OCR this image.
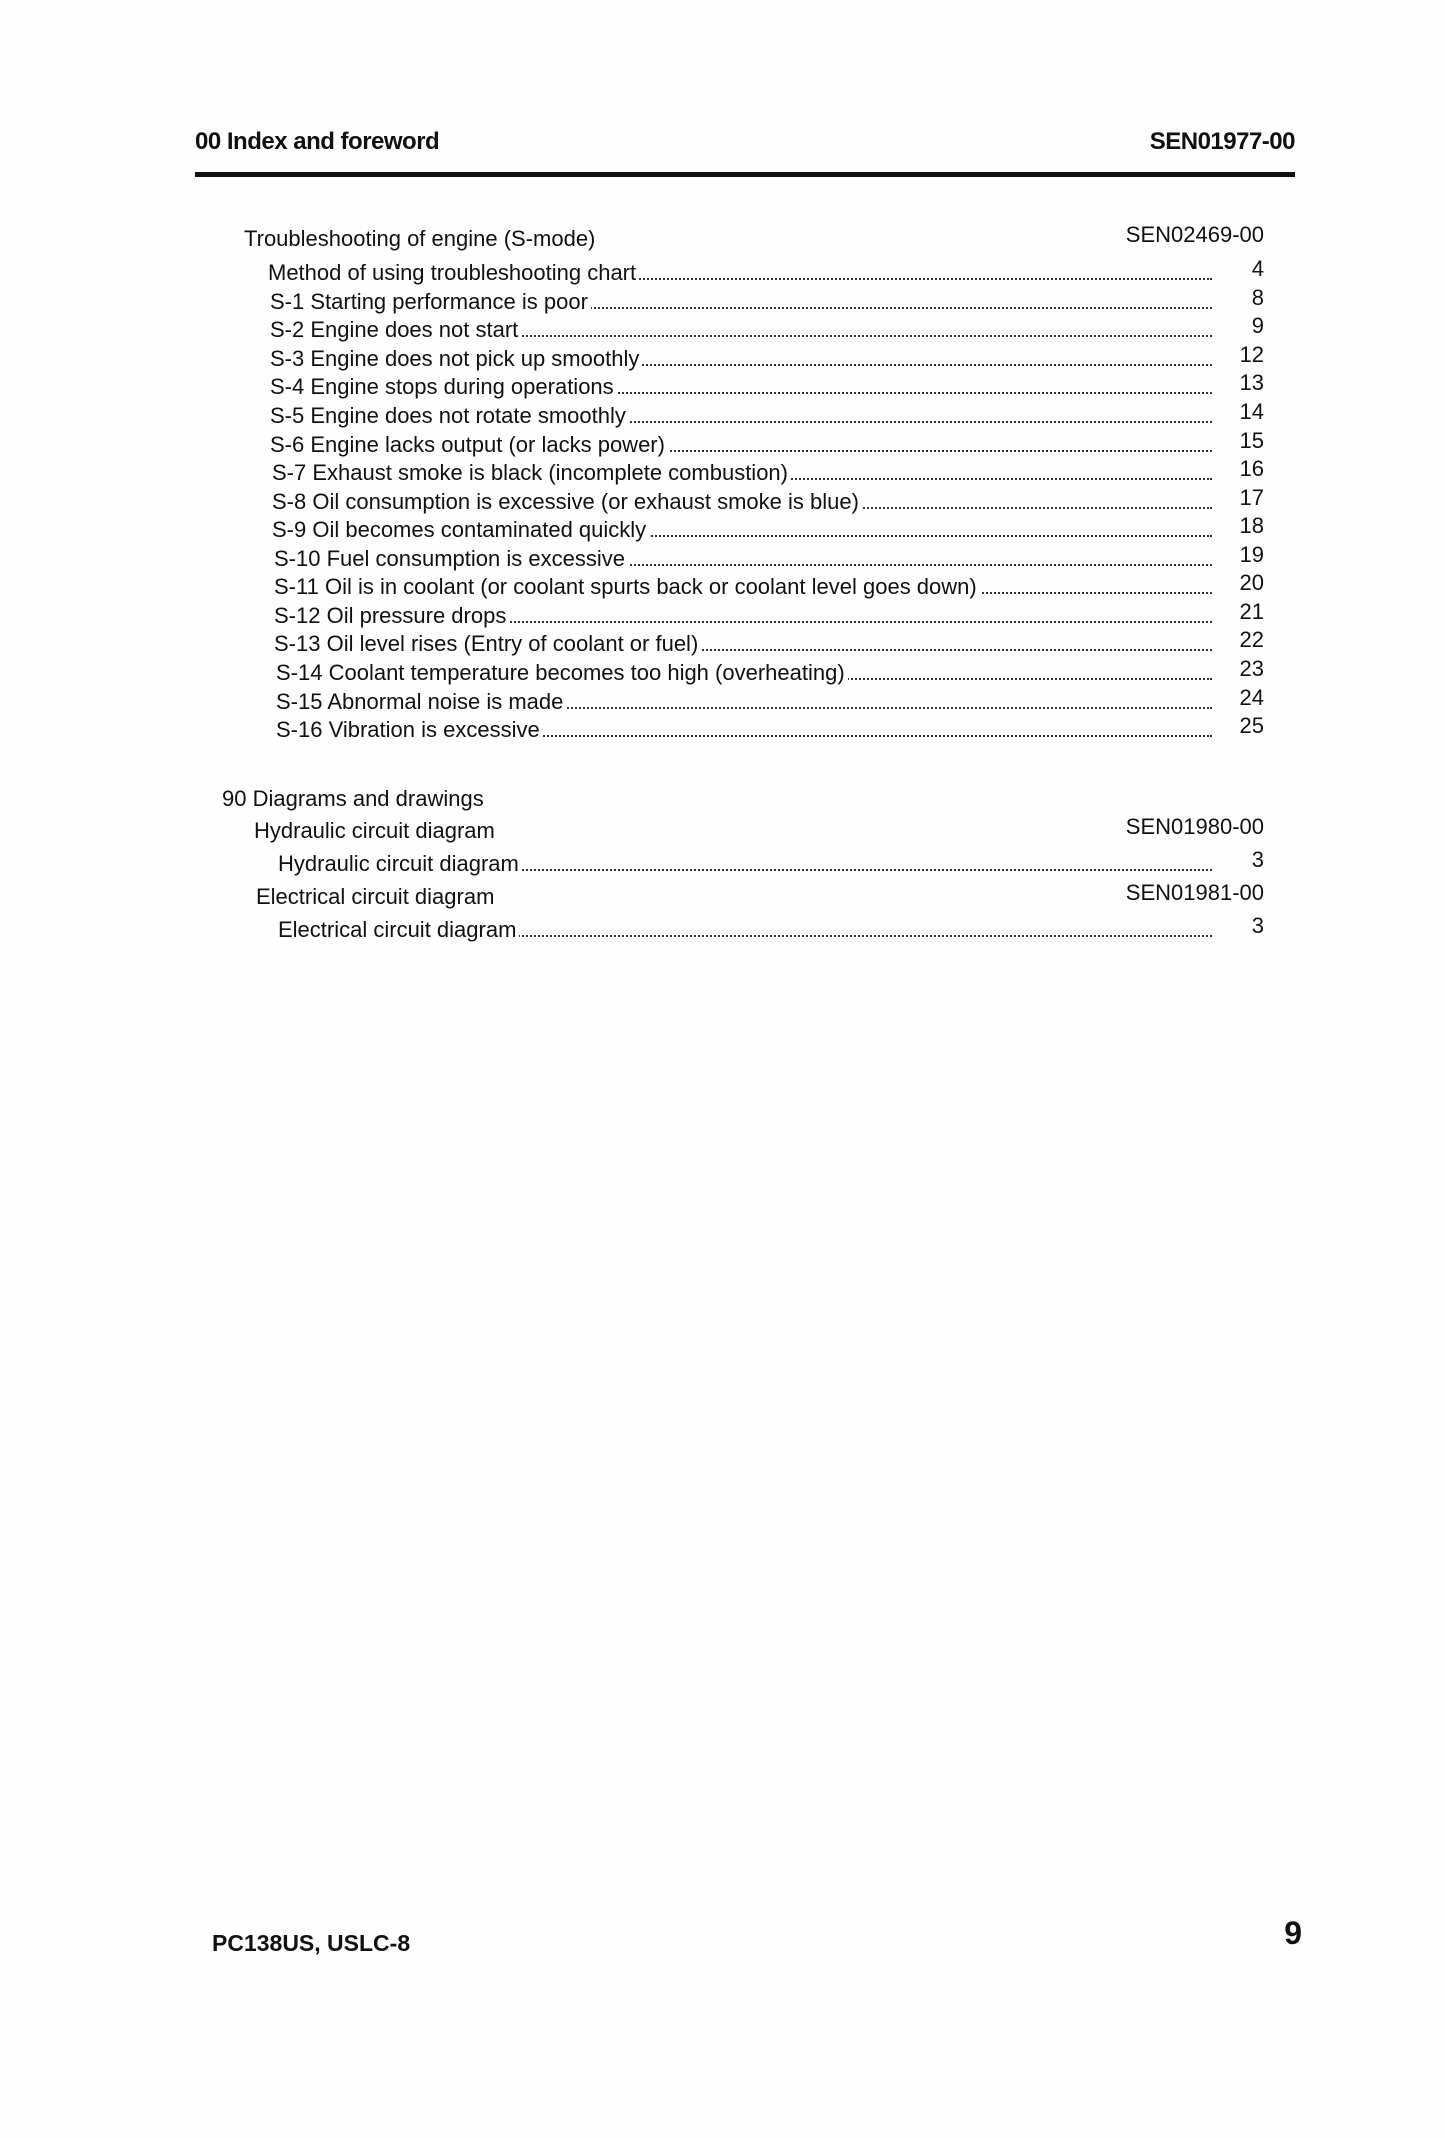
00 Index and foreword	SEN01977-00
Troubleshooting of engine (S-mode)	SEN02469-00
Method of using troubleshooting chart	4
S-1 Starting performance is poor	8
S-2 Engine does not start	9
S-3 Engine does not pick up smoothly	12
S-4 Engine stops during operations	13
S-5 Engine does not rotate smoothly	14
S-6 Engine lacks output (or lacks power)	15
S-7 Exhaust smoke is black (incomplete combustion)	16
S-8 Oil consumption is excessive (or exhaust smoke is blue)	17
S-9 Oil becomes contaminated quickly	18
S-10 Fuel consumption is excessive	19
S-11 Oil is in coolant (or coolant spurts back or coolant level goes down)	20
S-12 Oil pressure drops	21
S-13 Oil level rises (Entry of coolant or fuel)	22
S-14 Coolant temperature becomes too high (overheating)	23
S-15 Abnormal noise is made	24
S-16 Vibration is excessive	25
90 Diagrams and drawings
Hydraulic circuit diagram	SEN01980-00
Hydraulic circuit diagram	3
Electrical circuit diagram	SEN01981-00
Electrical circuit diagram	3
PC138US, USLC-8	9
